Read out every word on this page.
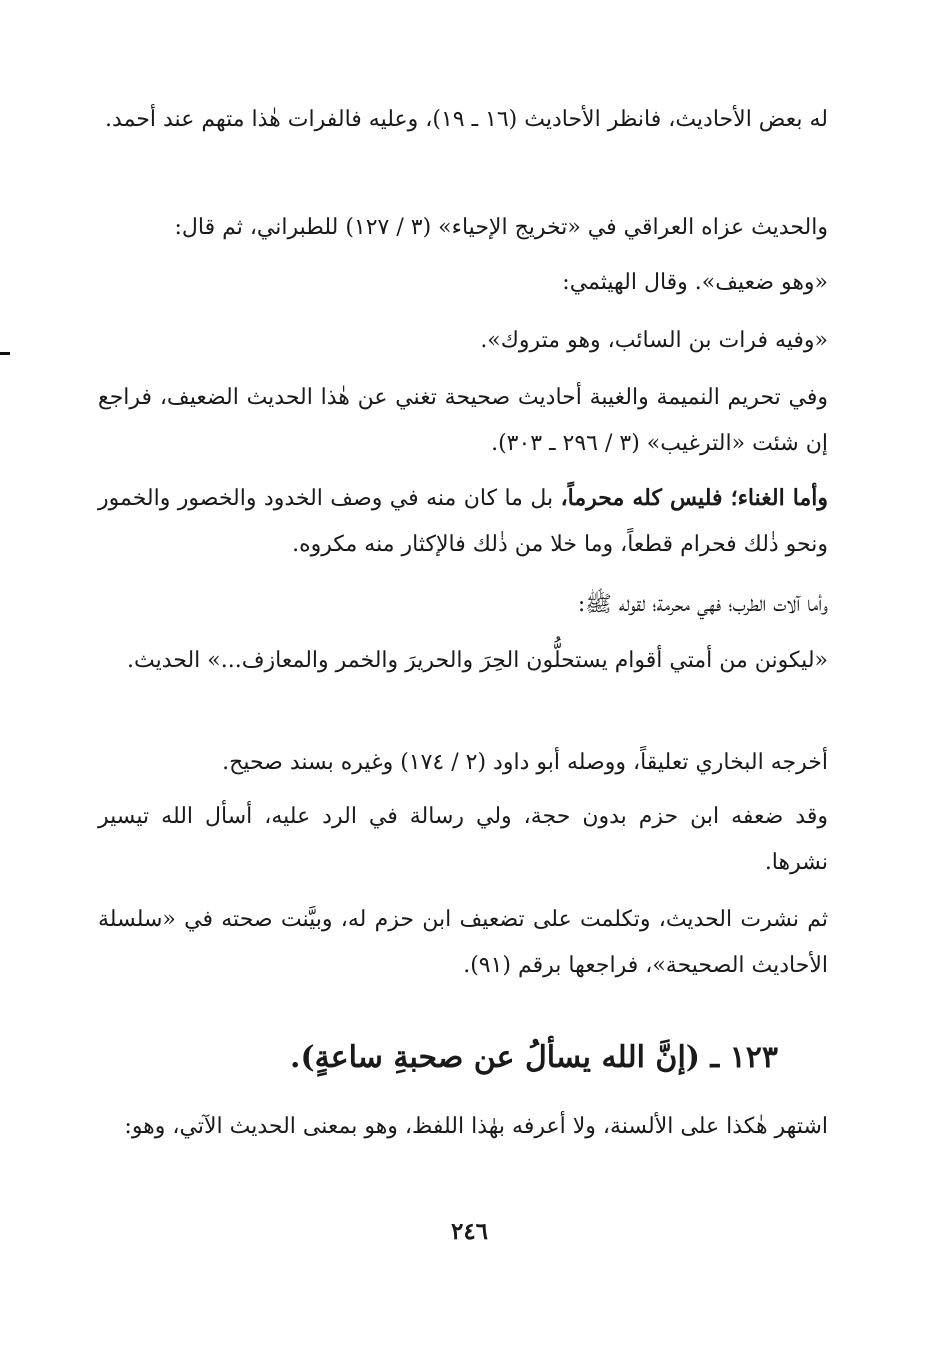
له بعض الأحاديث، فانظر الأحاديث (١٦ ـ ١٩)، وعليه فالفرات هٰذا متهم عند أحمد.

والحديث عزاه العراقي في «تخريج الإحياء» (٣ / ١٢٧) للطبراني، ثم قال:

«وهو ضعيف». وقال الهيثمي:

«وفيه فرات بن السائب، وهو متروك».

وفي تحريم النميمة والغيبة أحاديث صحيحة تغني عن هٰذا الحديث الضعيف، فراجع إن شئت «الترغيب» (٣ / ٢٩٦ ـ ٣٠٣).

وأما الغناء؛ فليس كله محرماً، بل ما كان منه في وصف الخدود والخصور والخمور ونحو ذٰلك فحرام قطعاً، وما خلا من ذٰلك فالإكثار منه مكروه.

وأما آلات الطرب؛ فهي محرمة؛ لقوله ﷺ:

«ليكونن من أمتي أقوام يستحلُّون الحِرَ والحريرَ والخمر والمعازف...» الحديث.

أخرجه البخاري تعليقاً، ووصله أبو داود (٢ / ١٧٤) وغيره بسند صحيح.

وقد ضعفه ابن حزم بدون حجة، ولي رسالة في الرد عليه، أسأل الله تيسير نشرها.

ثم نشرت الحديث، وتكلمت على تضعيف ابن حزم له، وبيَّنت صحته في «سلسلة الأحاديث الصحيحة»، فراجعها برقم (٩١).

١٢٣ ـ (إنَّ الله يسألُ عن صحبةِ ساعةٍ).

اشتهر هٰكذا على الألسنة، ولا أعرفه بهٰذا اللفظ، وهو بمعنى الحديث الآتي، وهو:

٢٤٦
